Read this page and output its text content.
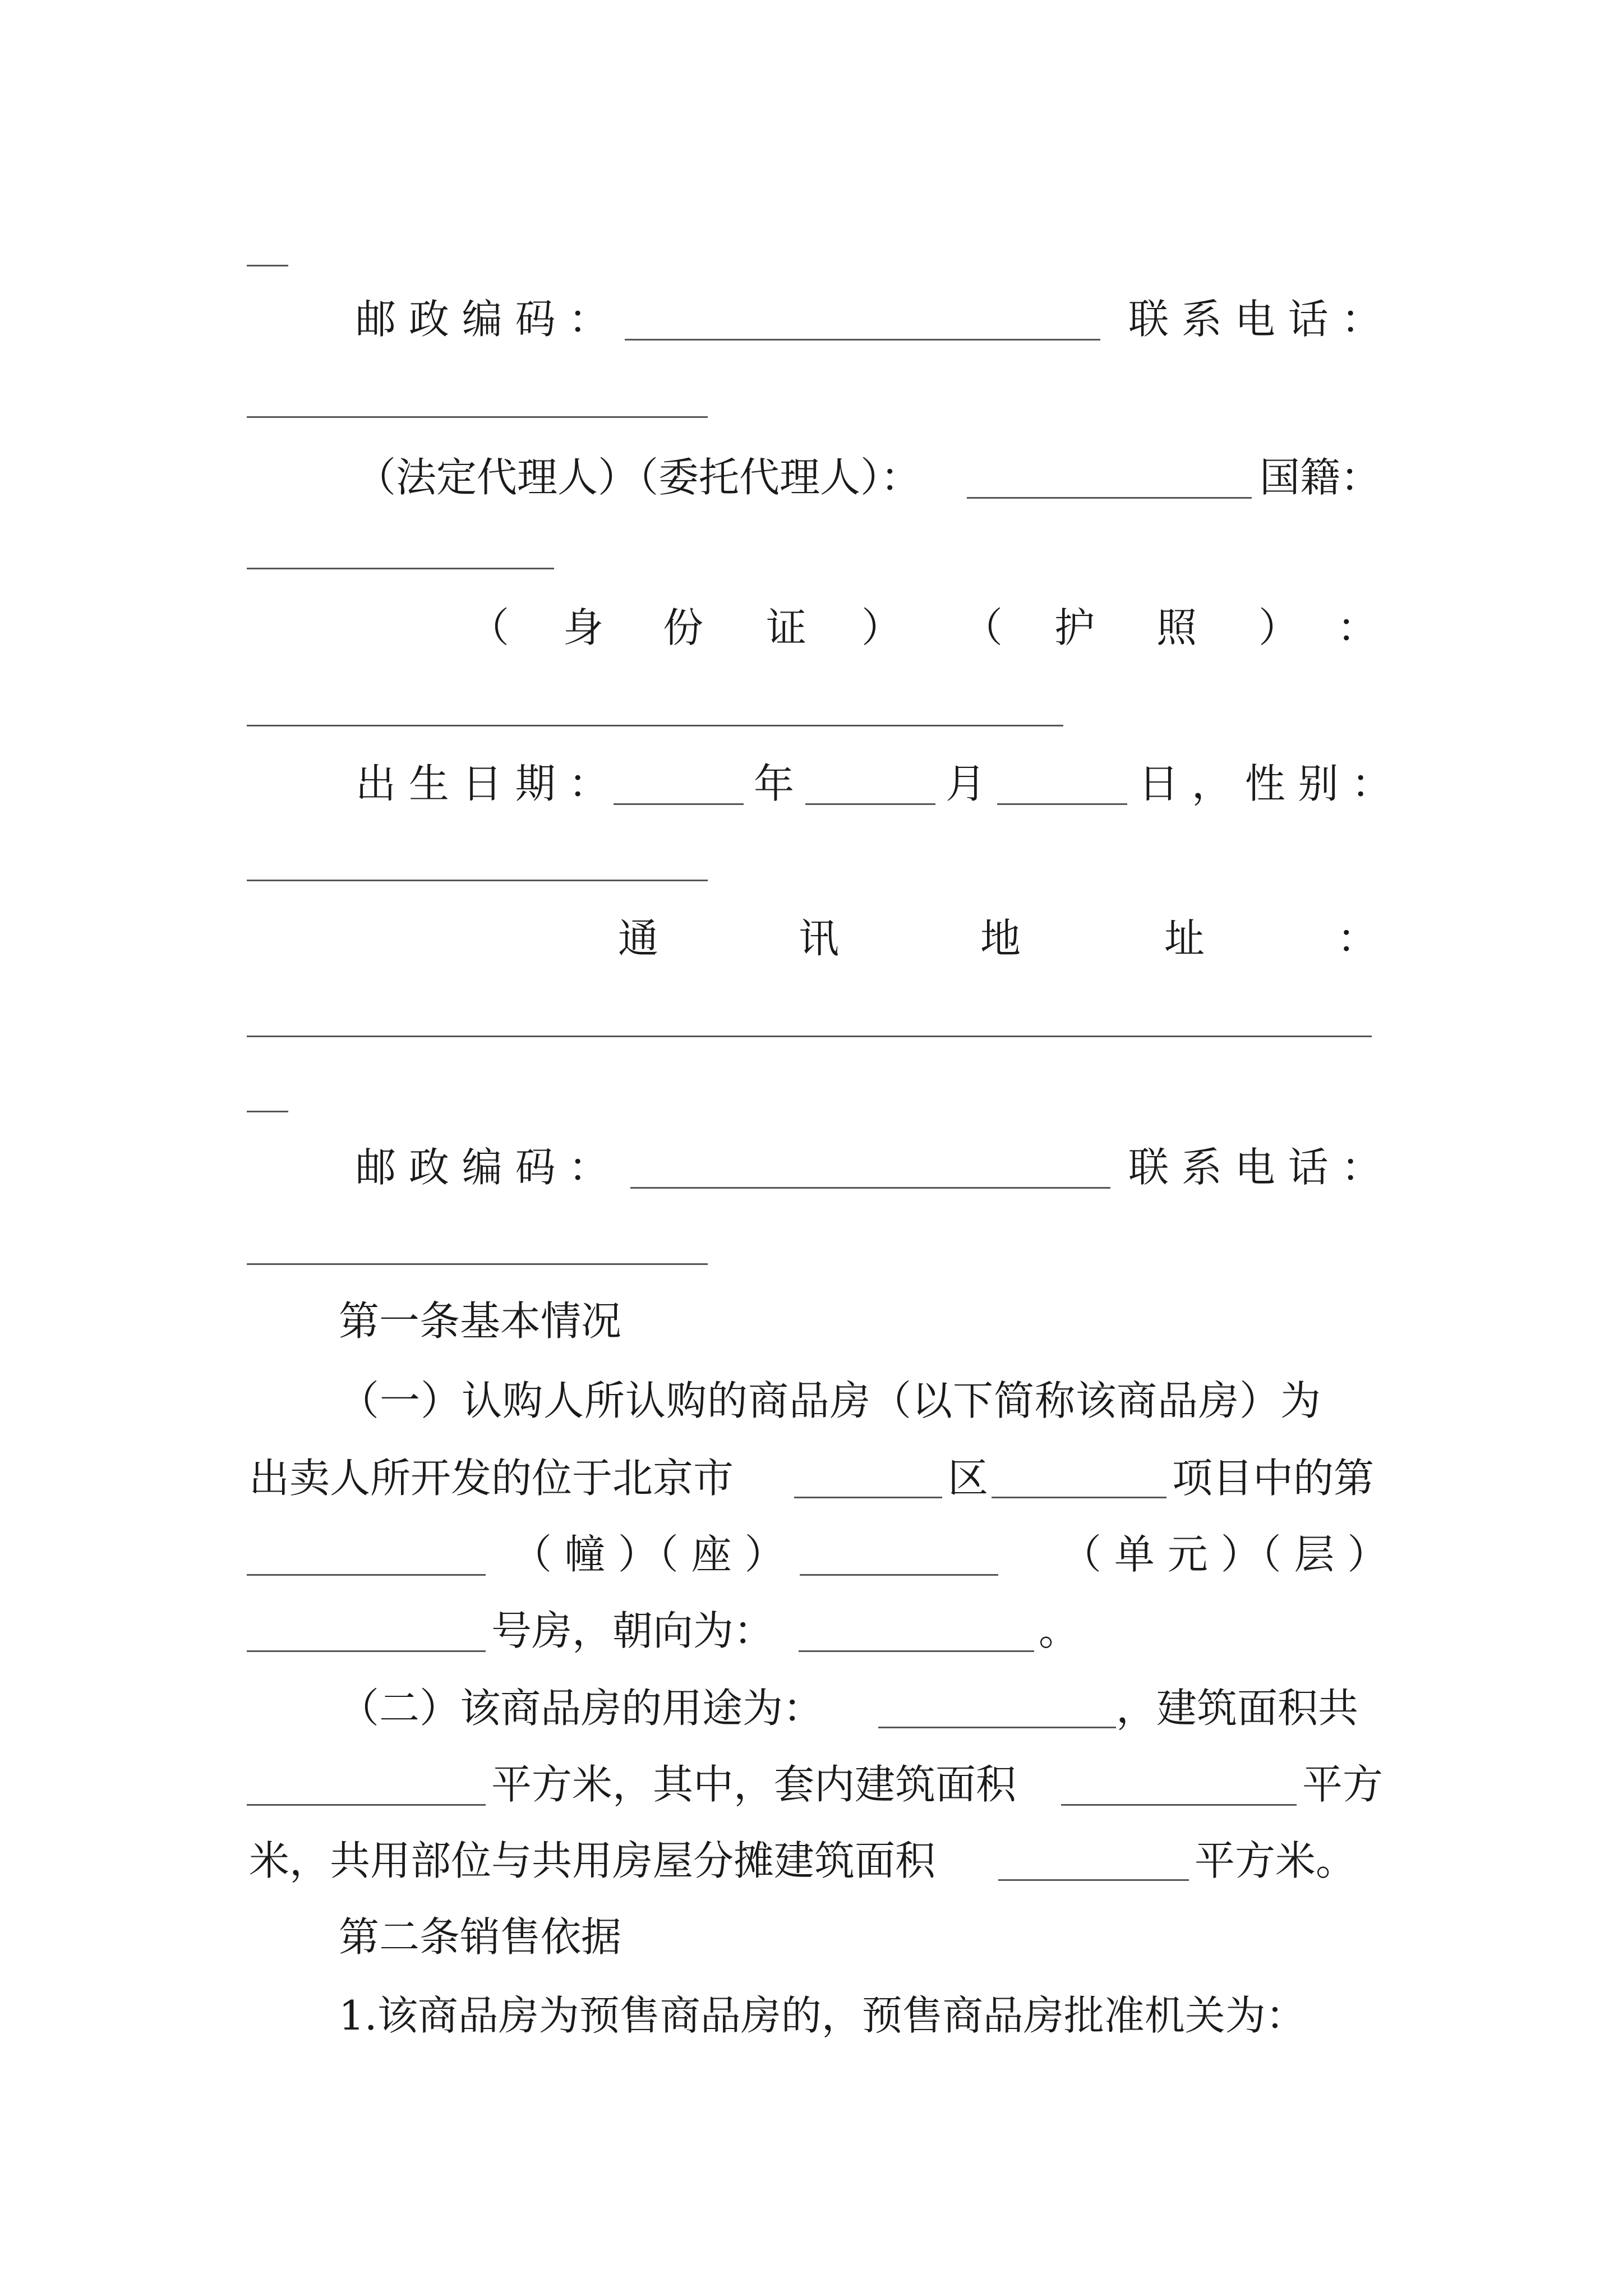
邮 政 编 码 ：	联 系 电 话 ：
（法定代理人）（委托代理人）：	国籍：
（ 身 份 证 ） （ 护 照 ） ：
出 生 日 期 ：	年	月	日 ， 性 别 ：
通	讯	地	址	：
邮 政 编 码 ：	联 系 电 话 ：
第一条基本情况
（一）认购人所认购的商品房（以下简称该商品房）为
出卖人所开发的位于北京市	区	项目中的第
（ 幢 ）（ 座 ）	（ 单 元 ）（ 层 ）
号房，朝向为：	。
（二）该商品房的用途为：	，建筑面积共
平方米，其中，套内建筑面积	平方
米，共用部位与共用房屋分摊建筑面积	平方米。
第二条销售依据
1.该商品房为预售商品房的，预售商品房批准机关为：
